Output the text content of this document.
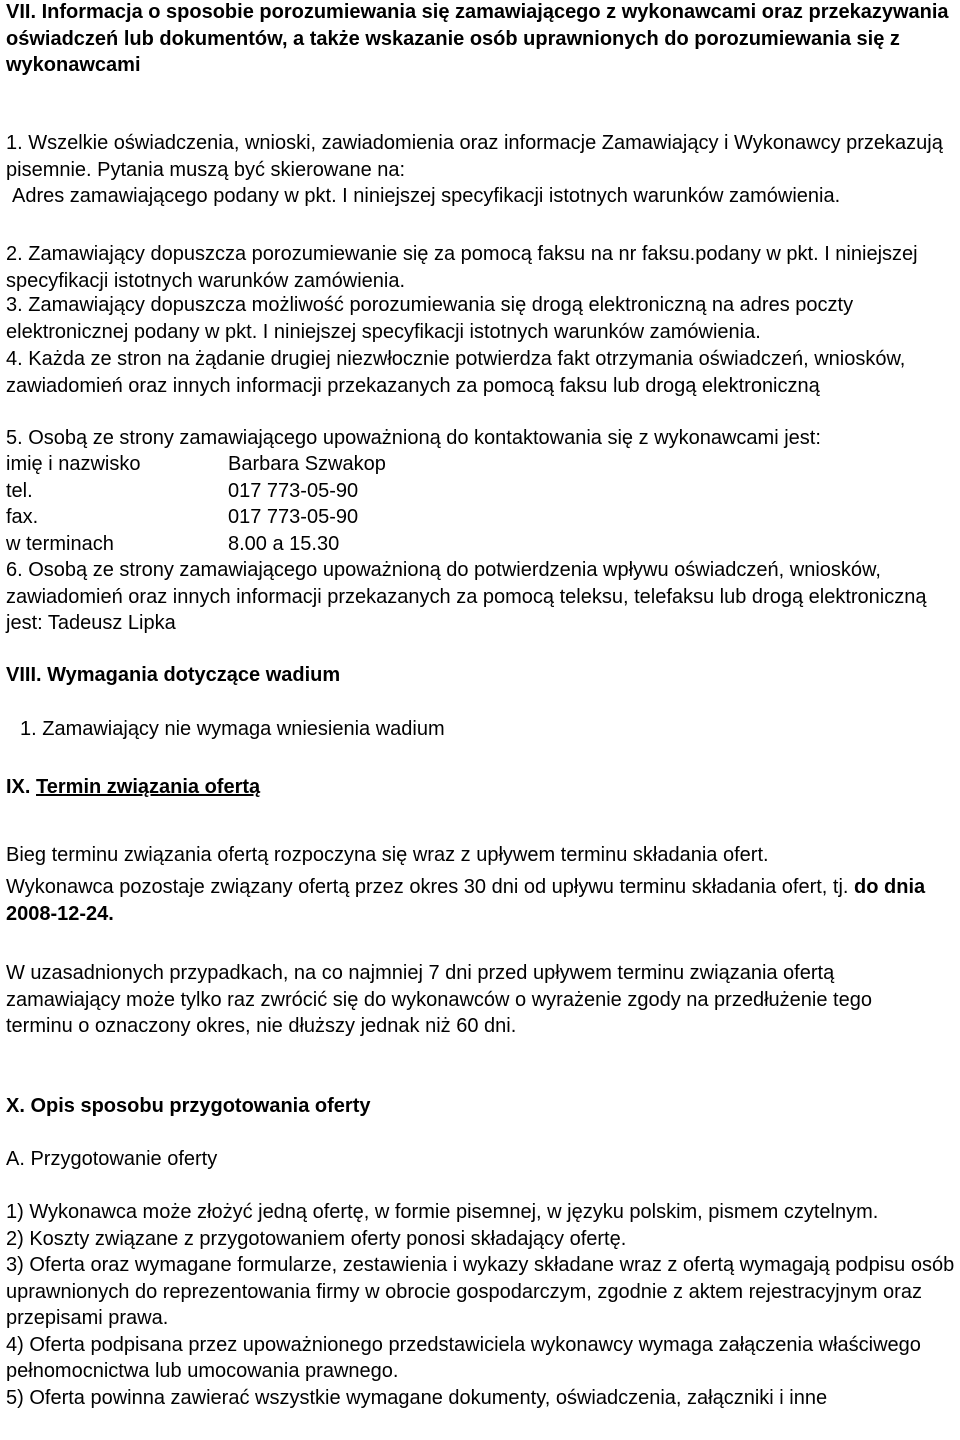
VII. Informacja o sposobie porozumiewania się zamawiającego z wykonawcami oraz przekazywania oświadczeń lub dokumentów, a także wskazanie osób uprawnionych do porozumiewania się z wykonawcami

1. Wszelkie oświadczenia, wnioski, zawiadomienia oraz informacje Zamawiający i Wykonawcy przekazują pisemnie. Pytania muszą być skierowane na:
Adres zamawiającego podany w pkt. I niniejszej specyfikacji istotnych warunków zamówienia.

2. Zamawiający dopuszcza porozumiewanie się za pomocą faksu na nr faksu.podany w pkt. I niniejszej specyfikacji istotnych warunków zamówienia.

3. Zamawiający dopuszcza możliwość porozumiewania się drogą elektroniczną na adres poczty elektronicznej podany w pkt. I niniejszej specyfikacji istotnych warunków zamówienia.

4. Każda ze stron na żądanie drugiej niezwłocznie potwierdza fakt otrzymania oświadczeń, wniosków, zawiadomień oraz innych informacji przekazanych za pomocą faksu lub drogą elektroniczną

5. Osobą ze strony zamawiającego upoważnioną do kontaktowania się z wykonawcami jest:

imię i nazwisko	Barbara Szwakop
tel.	017 773-05-90
fax.	017 773-05-90
w terminach	8.00 a 15.30

6. Osobą ze strony zamawiającego upoważnioną do potwierdzenia wpływu oświadczeń, wniosków, zawiadomień oraz innych informacji przekazanych za pomocą teleksu, telefaksu lub drogą elektroniczną jest: Tadeusz Lipka

VIII. Wymagania dotyczące wadium

1. Zamawiający nie wymaga wniesienia wadium

IX. Termin związania ofertą

Bieg terminu związania ofertą rozpoczyna się wraz z upływem terminu składania ofert.

Wykonawca pozostaje związany ofertą przez okres 30 dni od upływu terminu składania ofert, tj. do dnia 2008-12-24.

W uzasadnionych przypadkach, na co najmniej 7 dni przed upływem terminu związania ofertą zamawiający może tylko raz zwrócić się do wykonawców o wyrażenie zgody na przedłużenie tego terminu o oznaczony okres, nie dłuższy jednak niż 60 dni.

X. Opis sposobu przygotowania oferty

A. Przygotowanie oferty

1) Wykonawca może złożyć jedną ofertę, w formie pisemnej, w języku polskim, pismem czytelnym.

2) Koszty związane z przygotowaniem oferty ponosi składający ofertę.

3) Oferta oraz wymagane formularze, zestawienia i wykazy składane wraz z ofertą wymagają podpisu osób uprawnionych do reprezentowania firmy w obrocie gospodarczym, zgodnie z aktem rejestracyjnym oraz przepisami prawa.

4) Oferta podpisana przez upoważnionego przedstawiciela wykonawcy wymaga załączenia właściwego pełnomocnictwa lub umocowania prawnego.

5) Oferta powinna zawierać wszystkie wymagane dokumenty, oświadczenia, załączniki i inne
